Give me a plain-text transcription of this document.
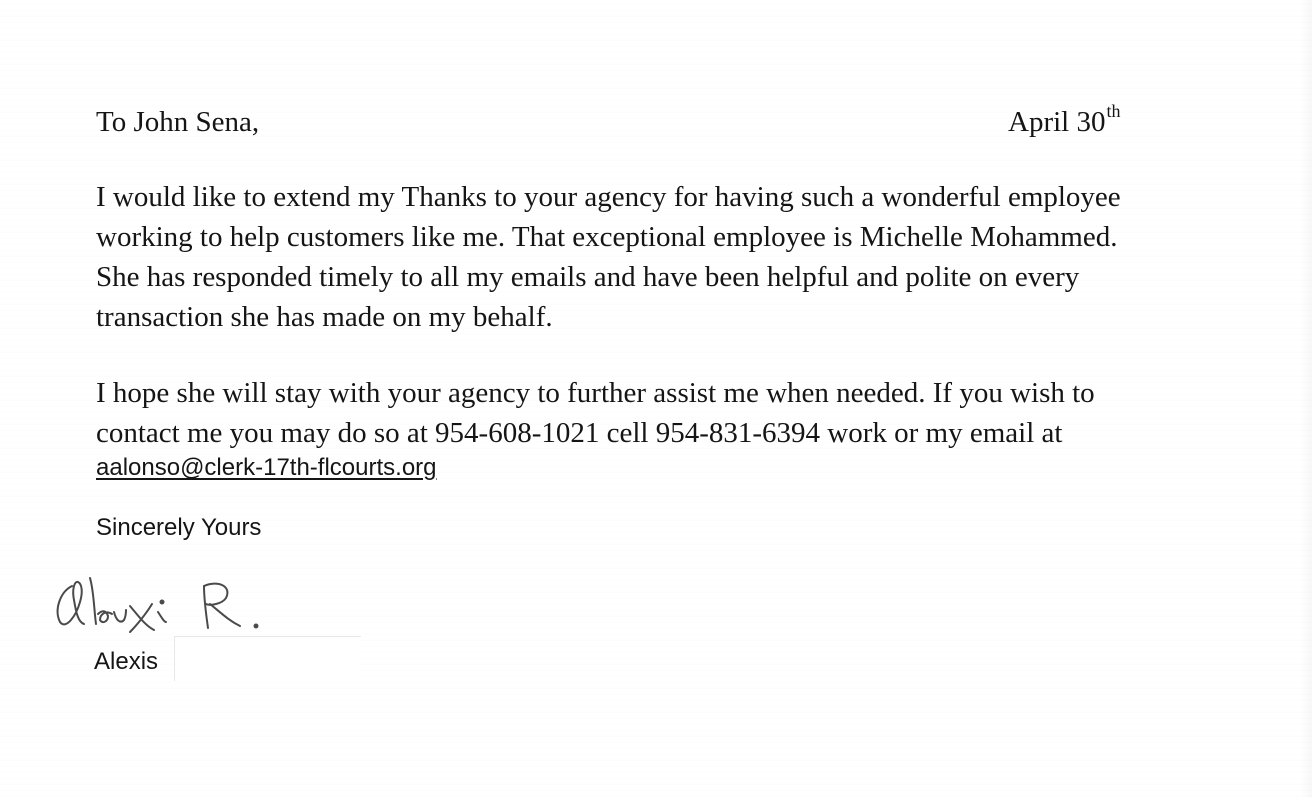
To John Sena,	April 30th

I would like to extend my Thanks to your agency for having such a wonderful employee
working to help customers like me. That exceptional employee is Michelle Mohammed.
She has responded timely to all my emails and have been helpful and polite on every
transaction she has made on my behalf.

I hope she will stay with your agency to further assist me when needed. If you wish to
contact me you may do so at 954-608-1021 cell 954-831-6394 work or my email at

aalonso@clerk-17th-flcourts.org

Sincerely Yours

Alexis
